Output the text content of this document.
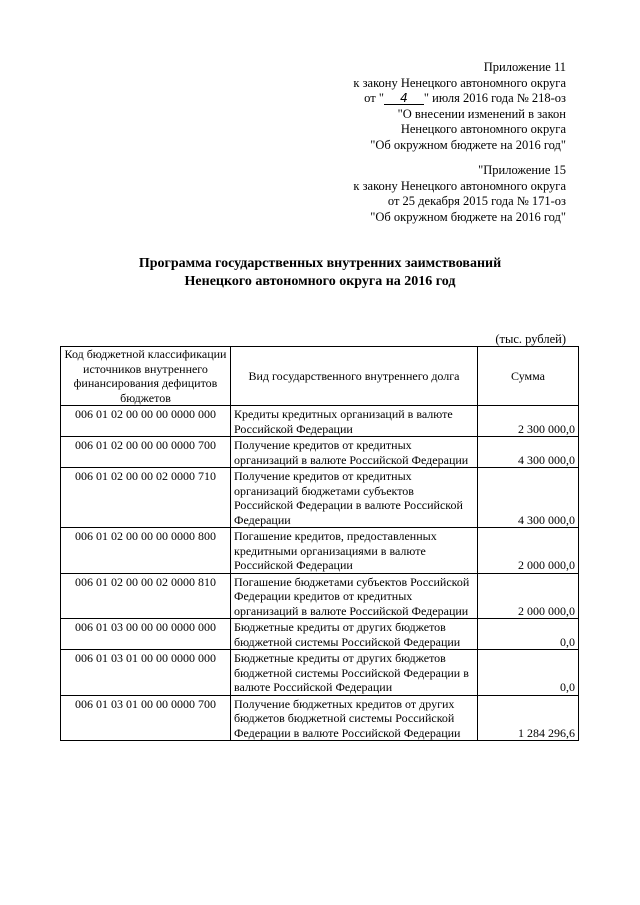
Приложение 11
к закону Ненецкого автономного округа
от " 4 " июля 2016 года № 218-оз
"О внесении изменений в закон
Ненецкого автономного округа
"Об окружном бюджете на 2016 год"
"Приложение 15
к закону Ненецкого автономного округа
от 25 декабря 2015 года № 171-оз
"Об окружном бюджете на 2016 год"
Программа государственных внутренних заимствований
Ненецкого автономного округа на 2016 год
(тыс. рублей)
Код бюджетной классификации источников внутреннего финансирования дефицитов бюджетов	Вид государственного внутреннего долга	Сумма
006 01 02 00 00 00 0000 000	Кредиты кредитных организаций в валюте Российской Федерации	2 300 000,0
006 01 02 00 00 00 0000 700	Получение кредитов от кредитных организаций в валюте Российской Федерации	4 300 000,0
006 01 02 00 00 02 0000 710	Получение кредитов от кредитных организаций бюджетами субъектов Российской Федерации в валюте Российской Федерации	4 300 000,0
006 01 02 00 00 00 0000 800	Погашение кредитов, предоставленных кредитными организациями в валюте Российской Федерации	2 000 000,0
006 01 02 00 00 02 0000 810	Погашение бюджетами субъектов Российской Федерации кредитов от кредитных организаций в валюте Российской Федерации	2 000 000,0
006 01 03 00 00 00 0000 000	Бюджетные кредиты от других бюджетов бюджетной системы Российской Федерации	0,0
006 01 03 01 00 00 0000 000	Бюджетные кредиты от других бюджетов бюджетной системы Российской Федерации в валюте Российской Федерации	0,0
006 01 03 01 00 00 0000 700	Получение бюджетных кредитов от других бюджетов бюджетной системы Российской Федерации в валюте Российской Федерации	1 284 296,6
